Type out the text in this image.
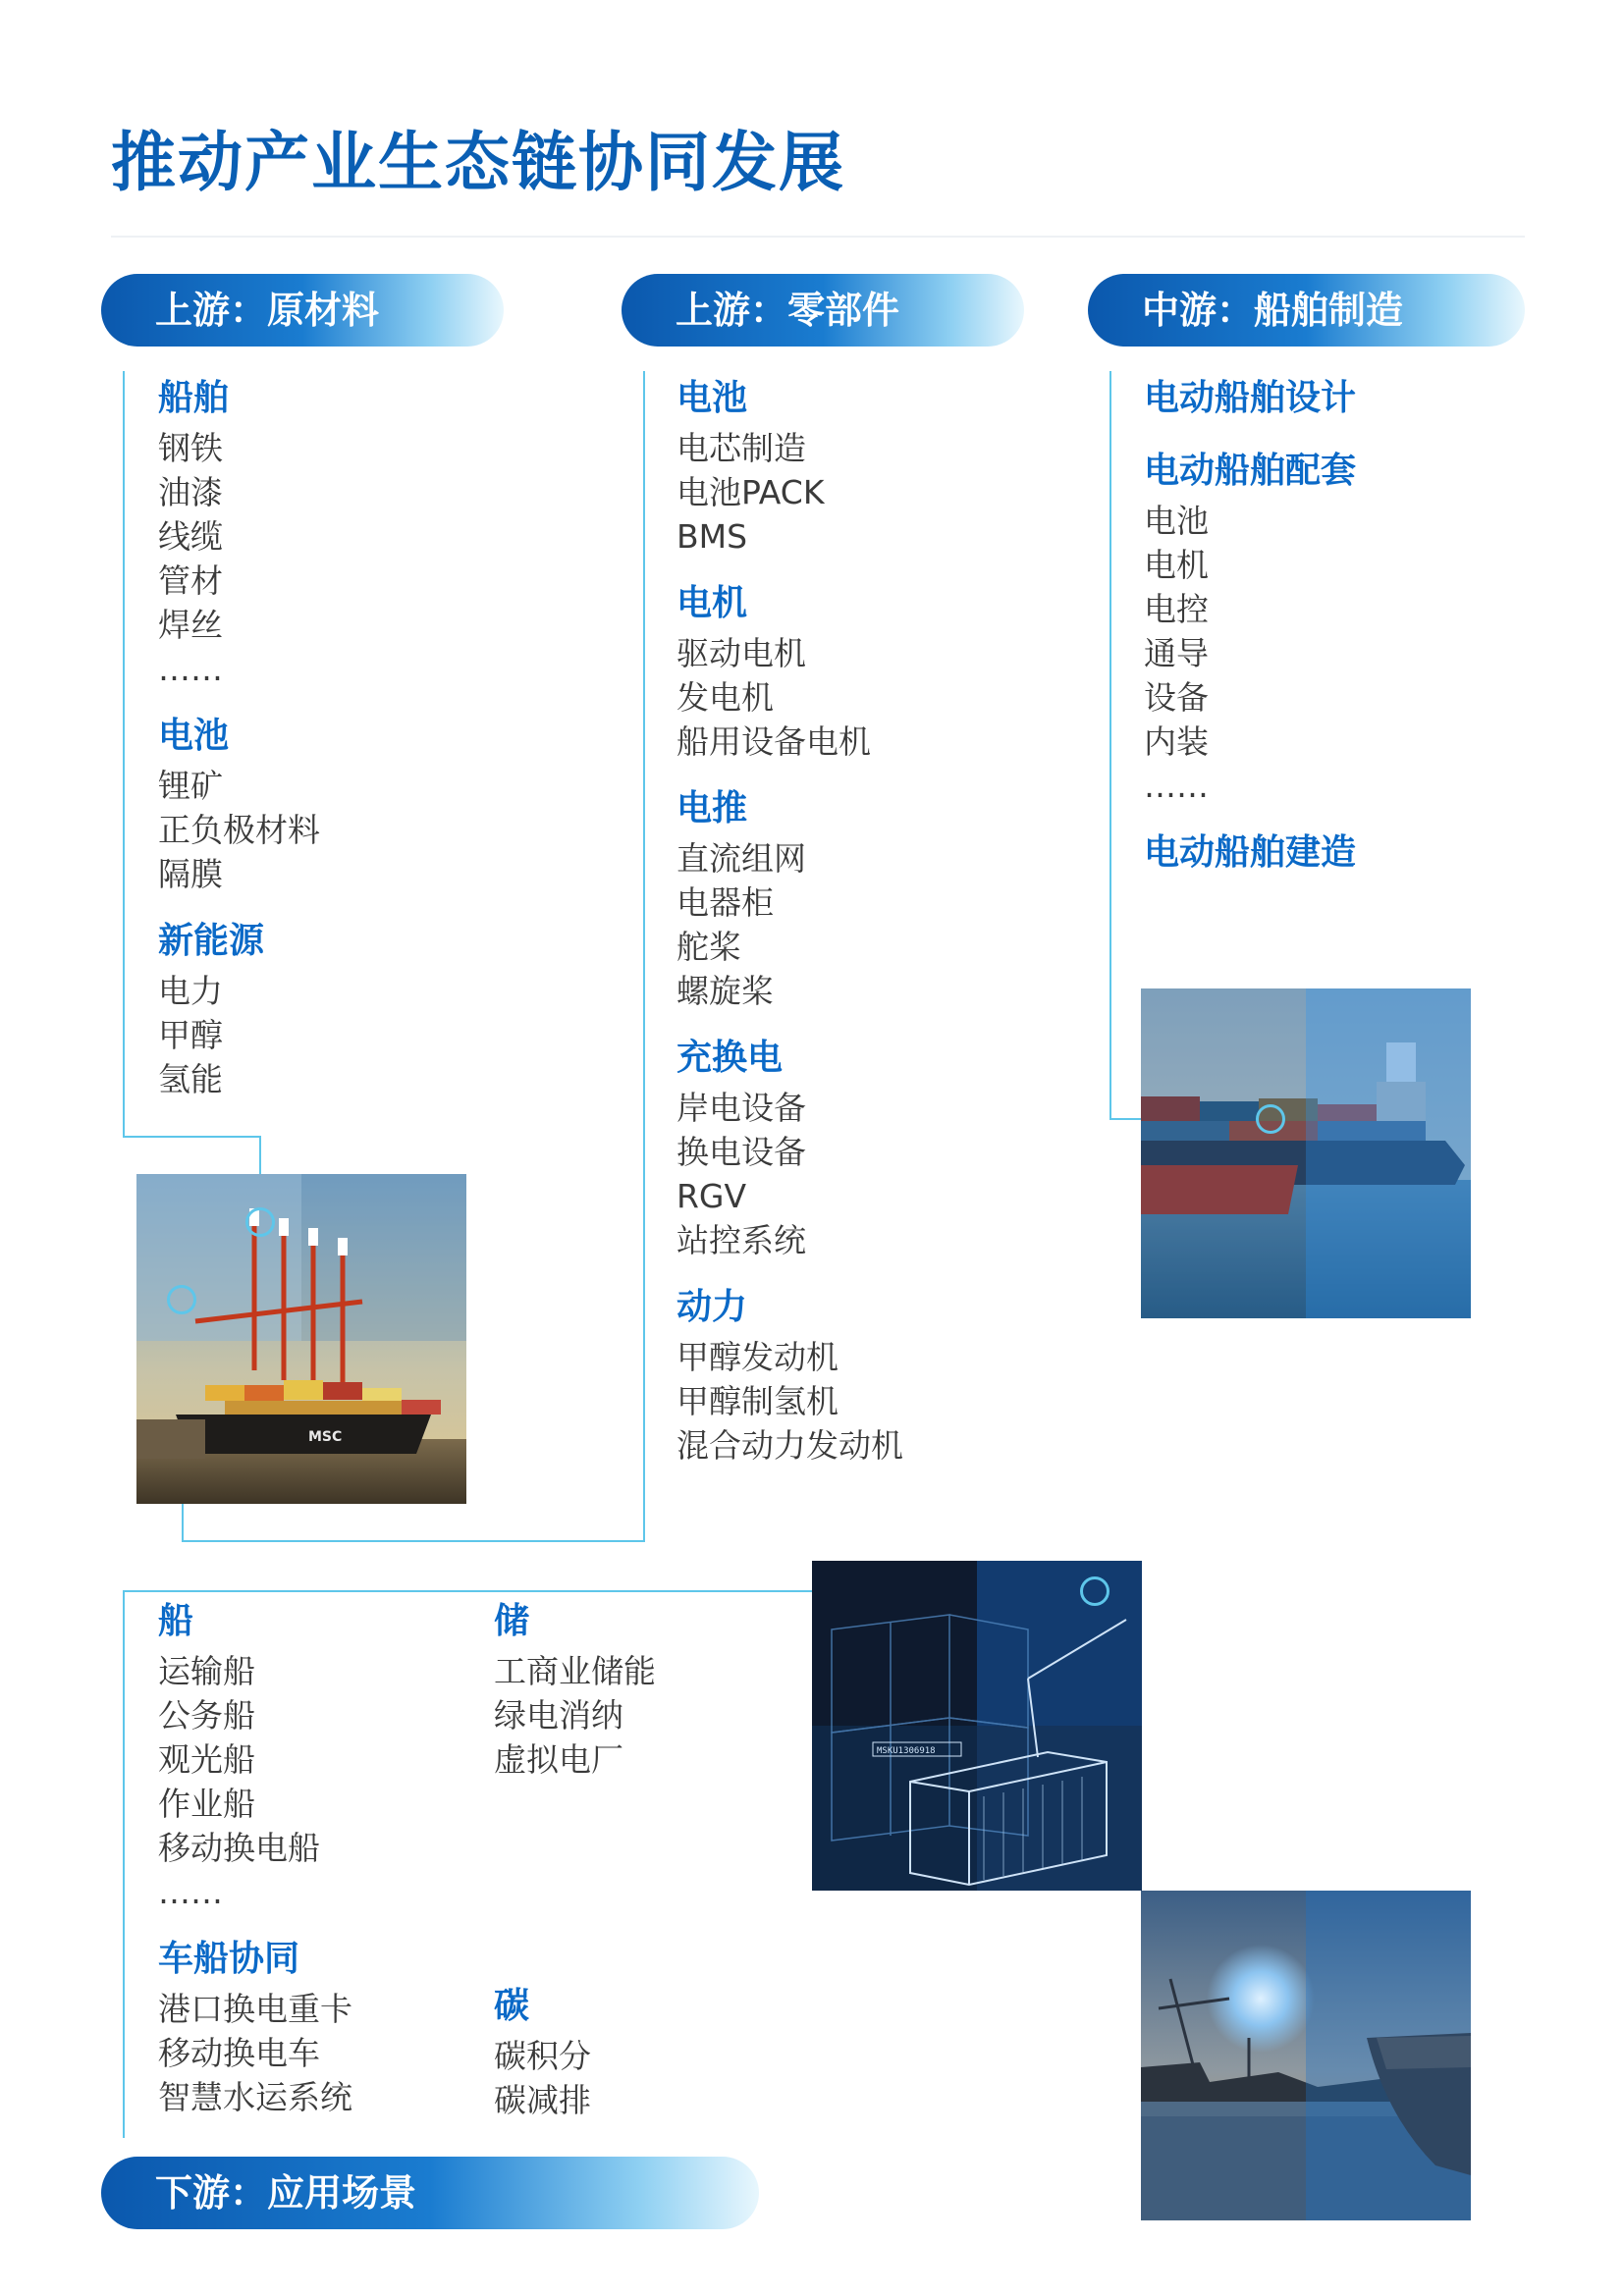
推动产业生态链协同发展
上游：原材料	上游：零部件	中游：船舶制造
下游：应用场景
船舶
钢铁
油漆
线缆
管材
焊丝
……
电池
锂矿
正负极材料
隔膜
新能源
电力
甲醇
氢能
电池
电芯制造
电池PACK
BMS
电机
驱动电机
发电机
船用设备电机
电推
直流组网
电器柜
舵桨
螺旋桨
充换电
岸电设备
换电设备
RGV
站控系统
动力
甲醇发动机
甲醇制氢机
混合动力发动机
电动船舶设计
电动船舶配套
电池
电机
电控
通导
设备
内装
……
电动船舶建造
船
运输船
公务船
观光船
作业船
移动换电船
……
车船协同
港口换电重卡
移动换电车
智慧水运系统
储
工商业储能
绿电消纳
虚拟电厂
碳
碳积分
碳减排
MSC
MSKU1306918
